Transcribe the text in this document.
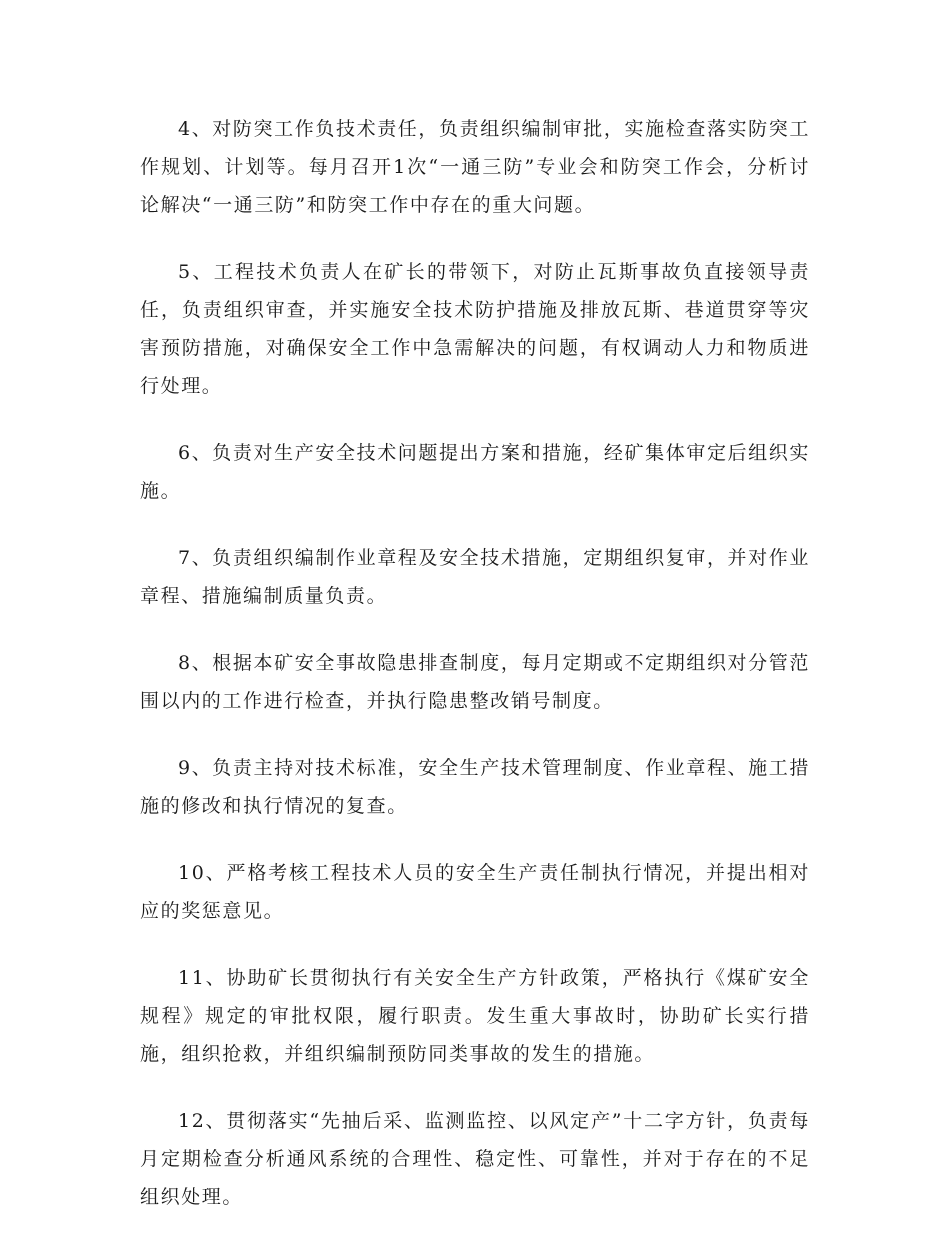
4、对防突工作负技术责任，负责组织编制审批，实施检查落实防突工作规划、计划等。每月召开1次“一通三防”专业会和防突工作会，分析讨论解决“一通三防”和防突工作中存在的重大问题。

5、工程技术负责人在矿长的带领下，对防止瓦斯事故负直接领导责任，负责组织审查，并实施安全技术防护措施及排放瓦斯、巷道贯穿等灾害预防措施，对确保安全工作中急需解决的问题，有权调动人力和物质进行处理。

6、负责对生产安全技术问题提出方案和措施，经矿集体审定后组织实施。

7、负责组织编制作业章程及安全技术措施，定期组织复审，并对作业章程、措施编制质量负责。

8、根据本矿安全事故隐患排查制度，每月定期或不定期组织对分管范围以内的工作进行检查，并执行隐患整改销号制度。

9、负责主持对技术标准，安全生产技术管理制度、作业章程、施工措施的修改和执行情况的复查。

10、严格考核工程技术人员的安全生产责任制执行情况，并提出相对应的奖惩意见。

11、协助矿长贯彻执行有关安全生产方针政策，严格执行《煤矿安全规程》规定的审批权限，履行职责。发生重大事故时，协助矿长实行措施，组织抢救，并组织编制预防同类事故的发生的措施。

12、贯彻落实“先抽后采、监测监控、以风定产”十二字方针，负责每月定期检查分析通风系统的合理性、稳定性、可靠性，并对于存在的不足组织处理。
